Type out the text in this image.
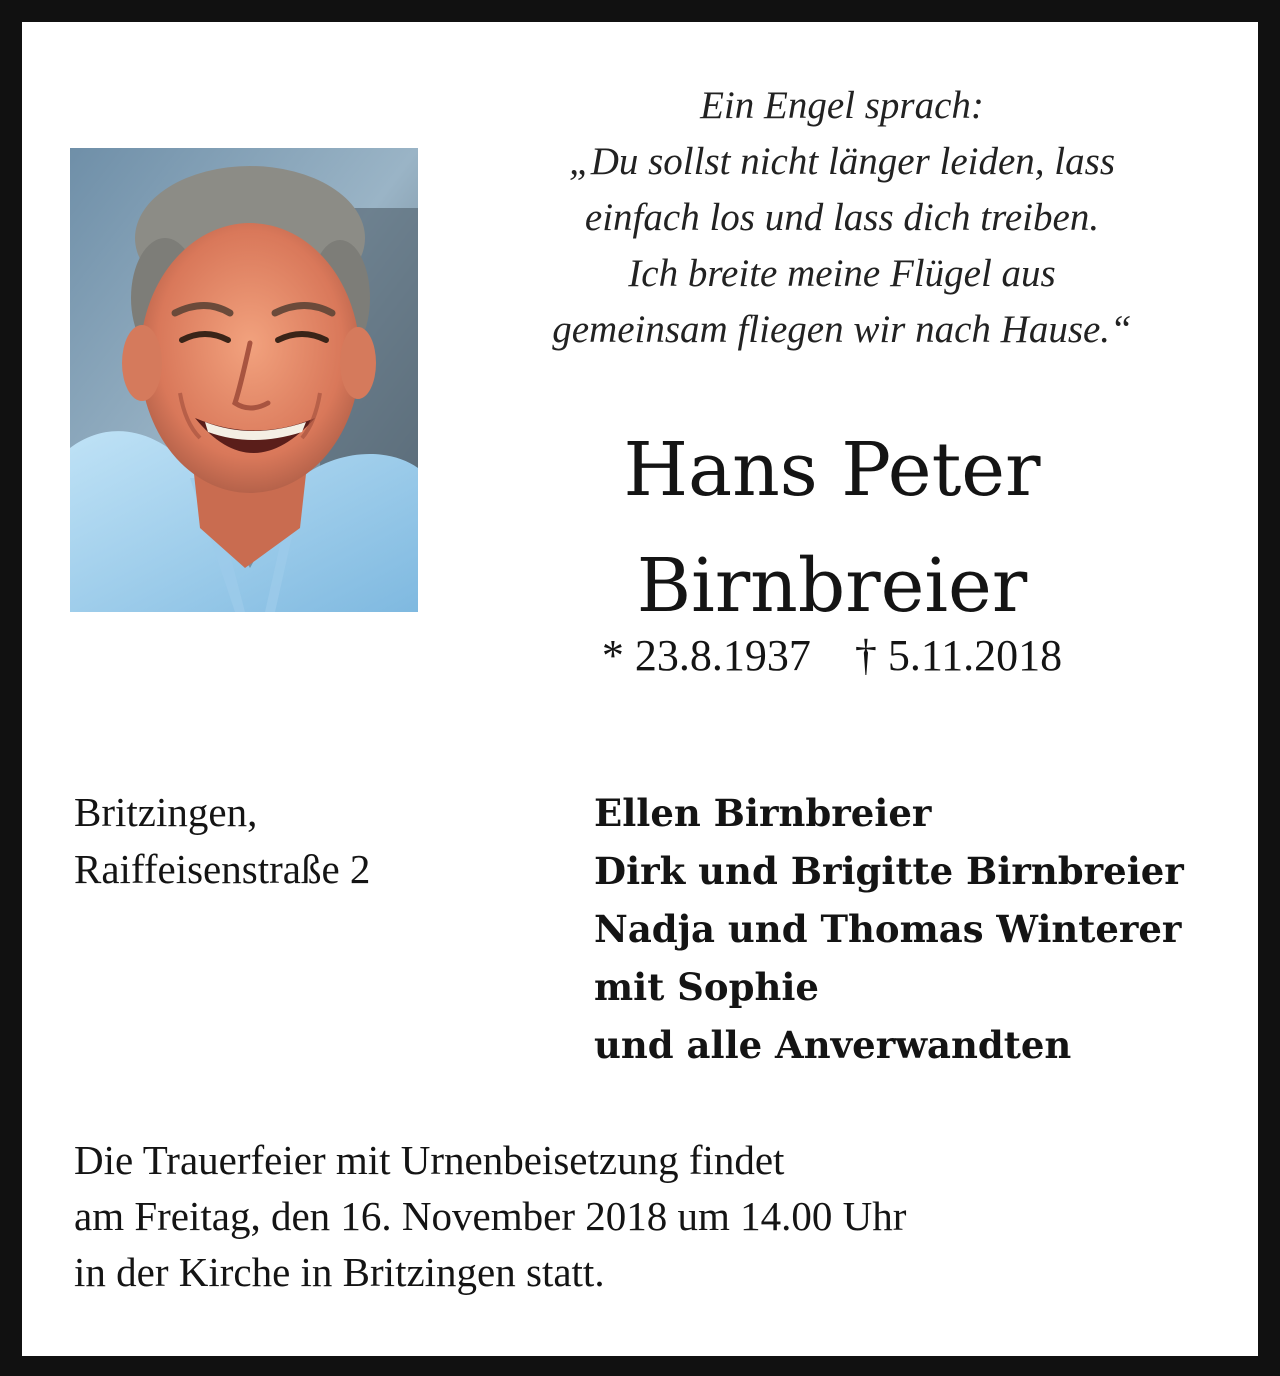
Ein Engel sprach:
„Du sollst nicht länger leiden, lass
einfach los und lass dich treiben.
Ich breite meine Flügel aus
gemeinsam fliegen wir nach Hause.“
Hans Peter
Birnbreier
* 23.8.1937 † 5.11.2018
Britzingen,
Raiffeisenstraße 2
Ellen Birnbreier
Dirk und Brigitte Birnbreier
Nadja und Thomas Winterer
mit Sophie
und alle Anverwandten
Die Trauerfeier mit Urnenbeisetzung findet
am Freitag, den 16. November 2018 um 14.00 Uhr
in der Kirche in Britzingen statt.
